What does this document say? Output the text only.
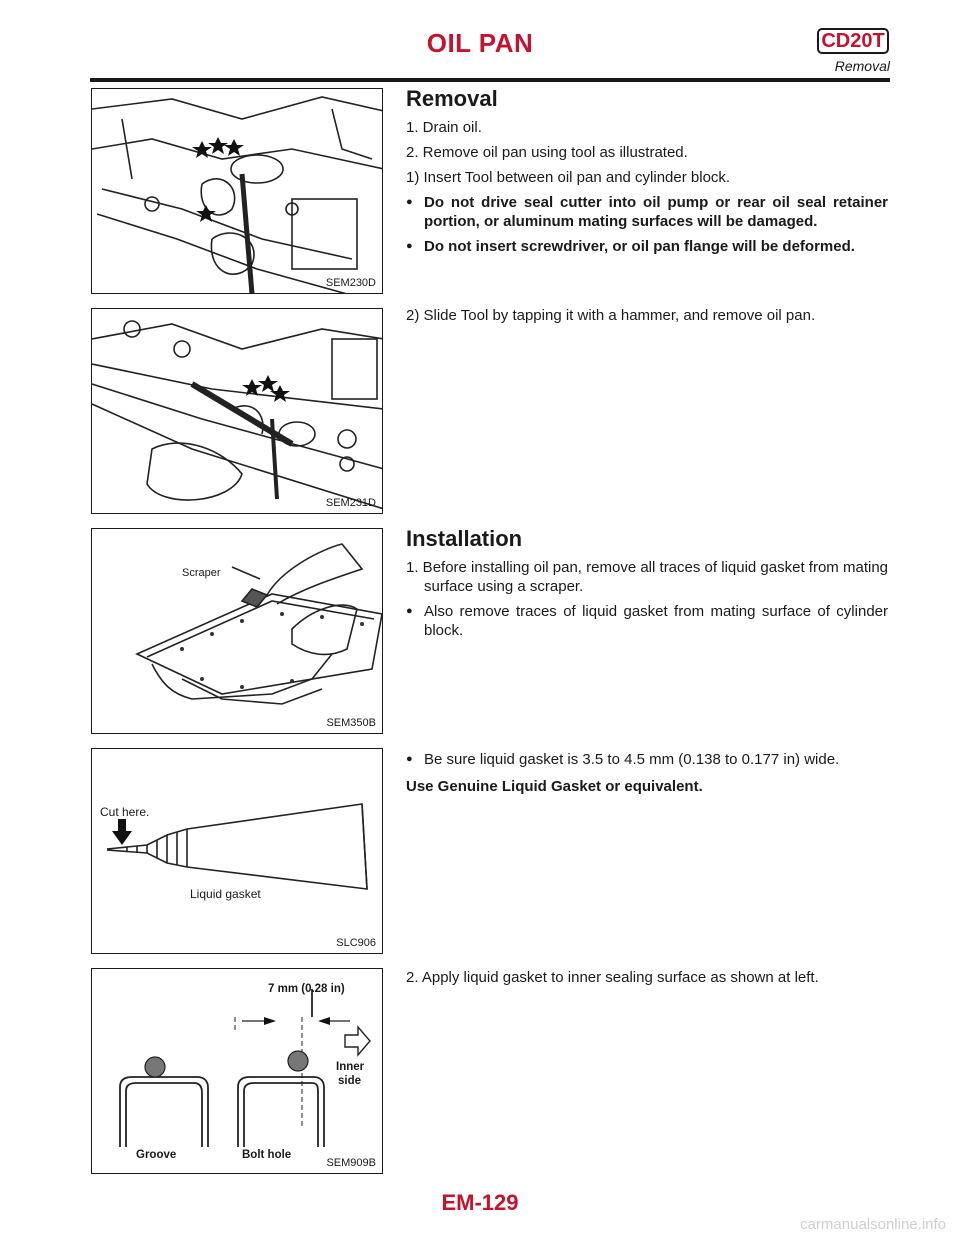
OIL PAN	CD20T
Removal
SEM230D
SEM231D
Scraper
SEM350B
Cut here.
Liquid gasket
SLC906
7 mm (0.28 in)
Inner
side
Groove	Bolt hole
SEM909B
Removal
1. Drain oil.
2. Remove oil pan using tool as illustrated.
1) Insert Tool between oil pan and cylinder block.
● Do not drive seal cutter into oil pump or rear oil seal retainer portion, or aluminum mating surfaces will be damaged.
● Do not insert screwdriver, or oil pan flange will be deformed.
2) Slide Tool by tapping it with a hammer, and remove oil pan.
Installation
1. Before installing oil pan, remove all traces of liquid gasket from mating surface using a scraper.
● Also remove traces of liquid gasket from mating surface of cylinder block.
● Be sure liquid gasket is 3.5 to 4.5 mm (0.138 to 0.177 in) wide.
Use Genuine Liquid Gasket or equivalent.
2. Apply liquid gasket to inner sealing surface as shown at left.
EM-129
carmanualsonline.info
